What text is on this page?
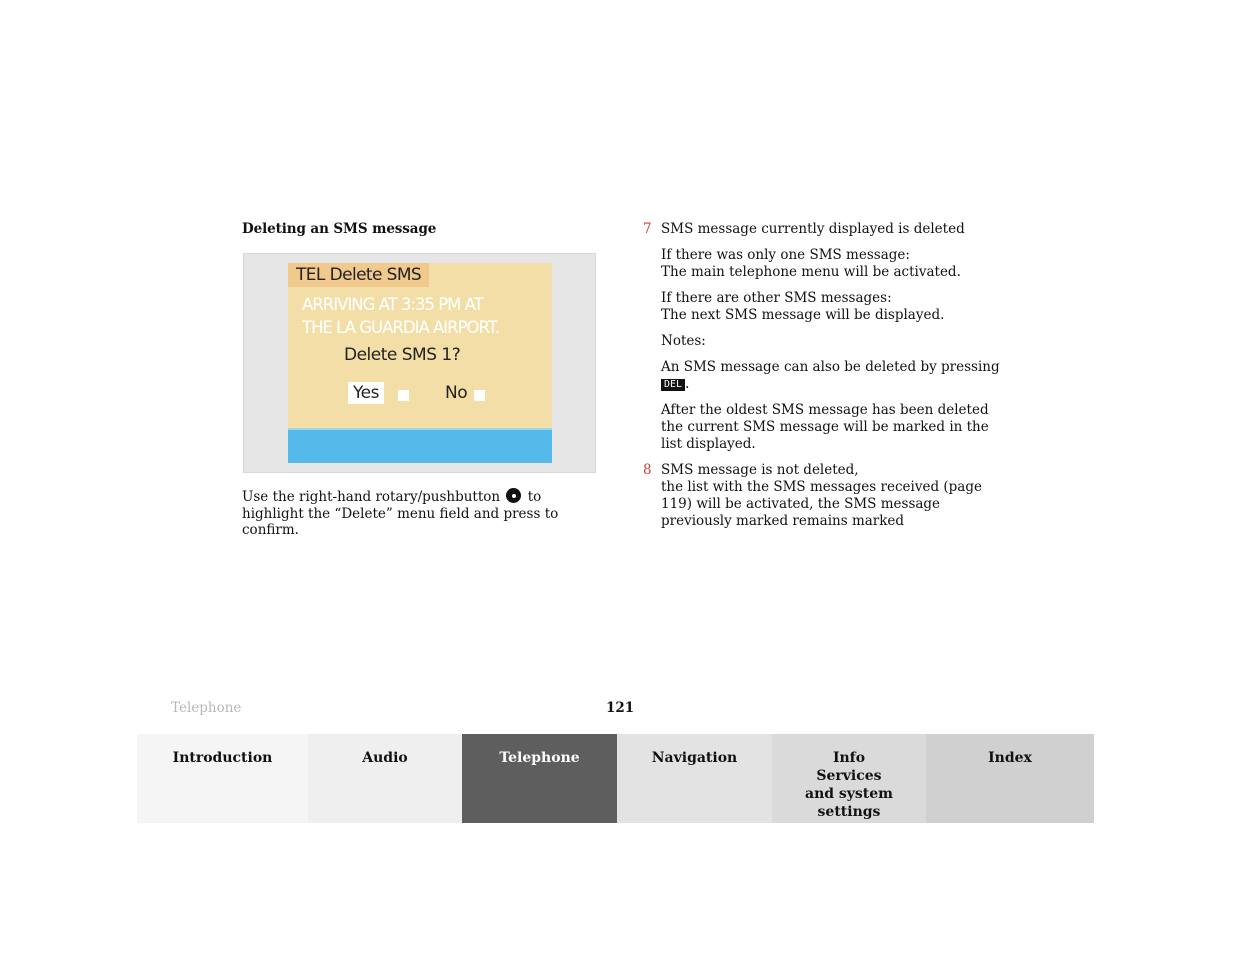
Deleting an SMS message
TEL Delete SMS
ARRIVING AT 3:35 PM AT
THE LA GUARDIA AIRPORT.
Delete SMS 1?
Yes	No
Use the right-hand rotary/pushbutton  to highlight the “Delete” menu field and press to confirm.
7 SMS message currently displayed is deleted
If there was only one SMS message:
The main telephone menu will be activated.
If there are other SMS messages:
The next SMS message will be displayed.
Notes:
An SMS message can also be deleted by pressing
DEL .
After the oldest SMS message has been deleted the current SMS message will be marked in the list displayed.
8 SMS message is not deleted,
the list with the SMS messages received (page 119) will be activated, the SMS message previously marked remains marked
Telephone	121
Introduction	Audio	Telephone	Navigation	Info Services and system settings
Index
